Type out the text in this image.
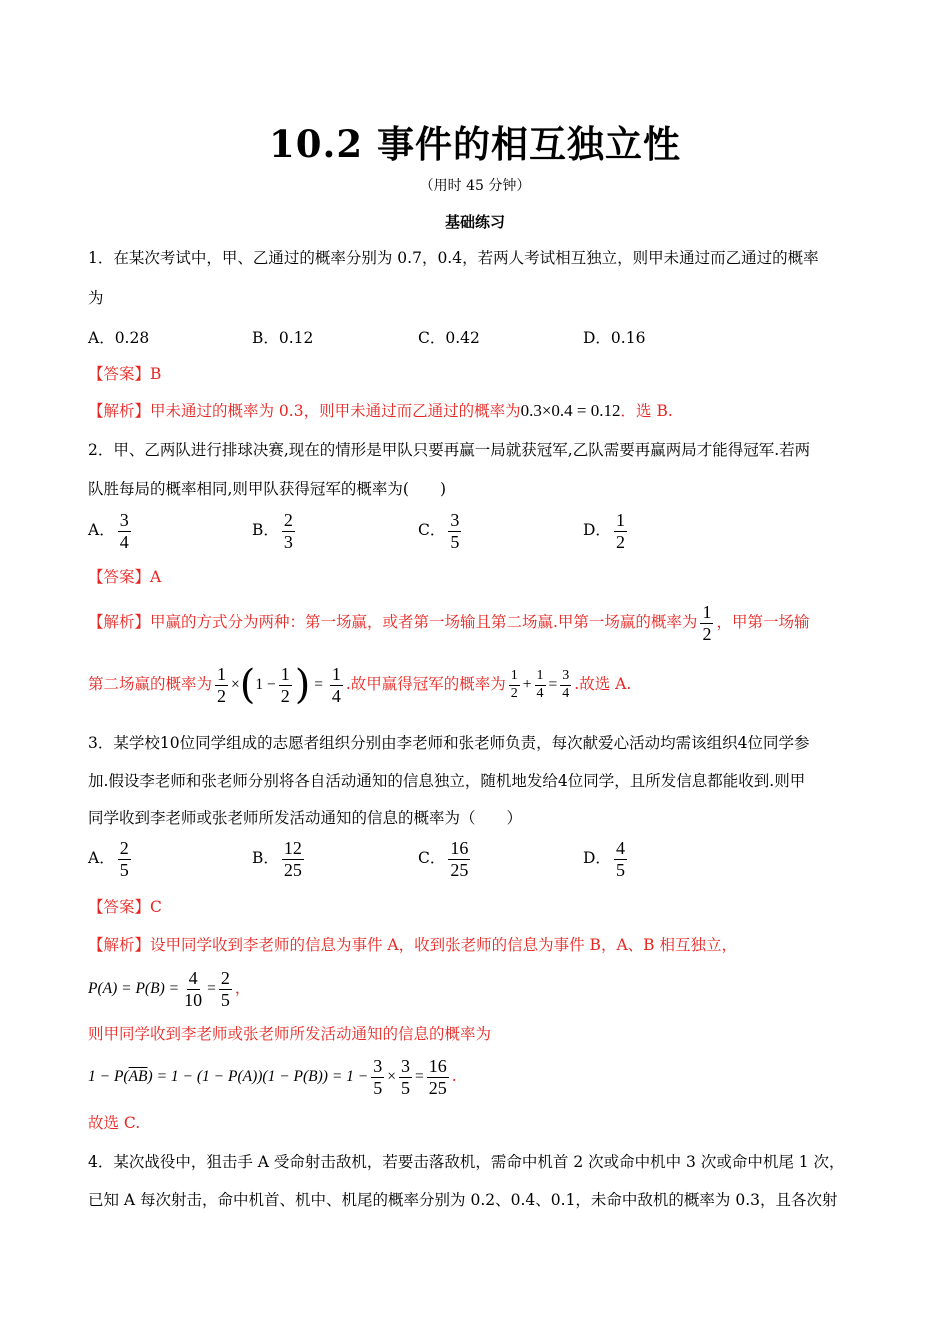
10.2 事件的相互独立性
（用时 45 分钟）
基础练习
1．在某次考试中，甲、乙通过的概率分别为 0.7，0.4，若两人考试相互独立，则甲未通过而乙通过的概率
为
A．0.28	B．0.12	C．0.42	D．0.16
【答案】B
【解析】甲未通过的概率为 0.3，则甲未通过而乙通过的概率为0.3×0.4 = 0.12．选 B.
2．甲、乙两队进行排球决赛,现在的情形是甲队只要再赢一局就获冠军,乙队需要再赢两局才能得冠军.若两
队胜每局的概率相同,则甲队获得冠军的概率为(　　)
A． $\frac{3}{4}$	B． $\frac{2}{3}$	C． $\frac{3}{5}$	D． $\frac{1}{2}$
【答案】A
【解析】甲赢的方式分为两种：第一场赢，或者第一场输且第二场赢.甲第一场赢的概率为 $\frac{1}{2}$ ，甲第一场输
第二场赢的概率为 $\frac{1}{2} \times(1 - \frac{1}{2}$ ) = $\frac{1}{4}$ .故甲赢得冠军的概率为 $\frac{1}{2} + \frac{1}{4} = \frac{3}{4}$ .故选 A.
3．某学校10位同学组成的志愿者组织分别由李老师和张老师负责，每次献爱心活动均需该组织4位同学参
加.假设李老师和张老师分别将各自活动通知的信息独立，随机地发给4位同学，且所发信息都能收到.则甲
同学收到李老师或张老师所发活动通知的信息的概率为（　　）
A． $\frac{2}{5}$	B． $\frac{12}{25}$	C． $\frac{16}{25}$	D． $\frac{4}{5}$
【答案】C
【解析】设甲同学收到李老师的信息为事件 A，收到张老师的信息为事件 B，A、B 相互独立，
$P(A) = P(B) = \frac{4}{10} = \frac{2}{5}$ ，
则甲同学收到李老师或张老师所发活动通知的信息的概率为
$1 - P(\overline{AB}) = 1 - (1 - P(A))(1 - P(B)) = 1 - \frac{3}{5} \times \frac{3}{5} = \frac{16}{25}$ .
故选 C.
4．某次战役中，狙击手 A 受命射击敌机，若要击落敌机，需命中机首 2 次或命中机中 3 次或命中机尾 1 次，
已知 A 每次射击，命中机首、机中、机尾的概率分别为 0.2、0.4、0.1，未命中敌机的概率为 0.3，且各次射
